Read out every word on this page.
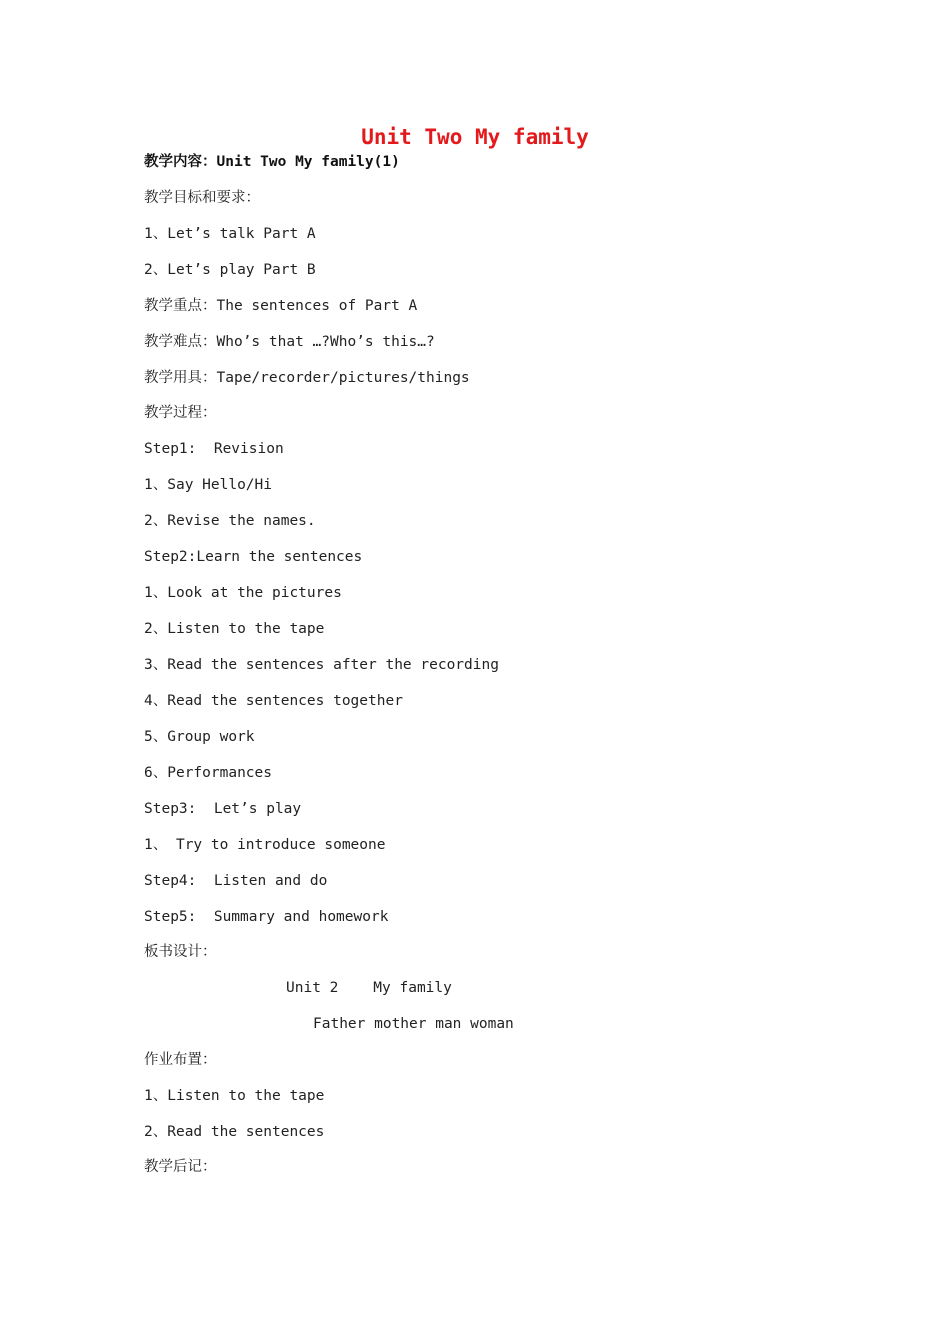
Unit Two My family
教学内容：Unit Two My family(1)
教学目标和要求：
1、Let’s talk Part A
2、Let’s play Part B
教学重点：The sentences of Part A
教学难点：Who’s that …?Who’s this…?
教学用具：Tape/recorder/pictures/things
教学过程：
Step1:  Revision
1、Say Hello/Hi
2、Revise the names.
Step2:Learn the sentences
1、Look at the pictures
2、Listen to the tape
3、Read the sentences after the recording
4、Read the sentences together
5、Group work
6、Performances
Step3:  Let’s play
1、 Try to introduce someone
Step4:  Listen and do
Step5:  Summary and homework
板书设计：
Unit 2    My family
Father mother man woman
作业布置：
1、Listen to the tape
2、Read the sentences
教学后记：
